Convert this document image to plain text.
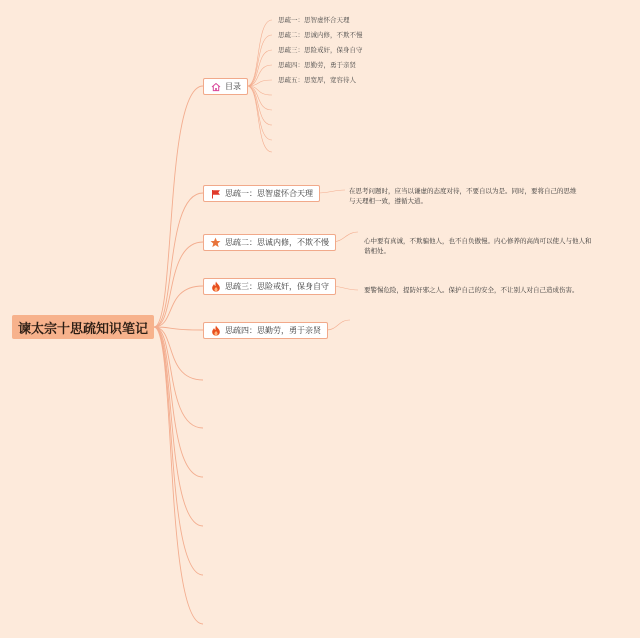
谏太宗十思疏知识笔记
目录
思疏一：思智虚怀合天理
思疏二：思诚内修，不欺不慢
思疏三：思险戒奸，保身自守
思疏四：思勤劳，勇于亲贤
思疏五：思宽厚，宽容待人
思疏一：思智虚怀合天理	在思考问题时，应当以谦虚的态度对待，不要自以为是。同时，要将自己的思维
与天理相一致，遵循大道。
思疏二：思诚内修，不欺不慢	心中要有真诚，不欺骗他人，也不自负傲慢。内心修养的高尚可以使人与他人和
谐相处。
思疏三：思险戒奸，保身自守	要警惕危险，提防奸邪之人。保护自己的安全，不让别人对自己造成伤害。
思疏四：思勤劳，勇于亲贤
